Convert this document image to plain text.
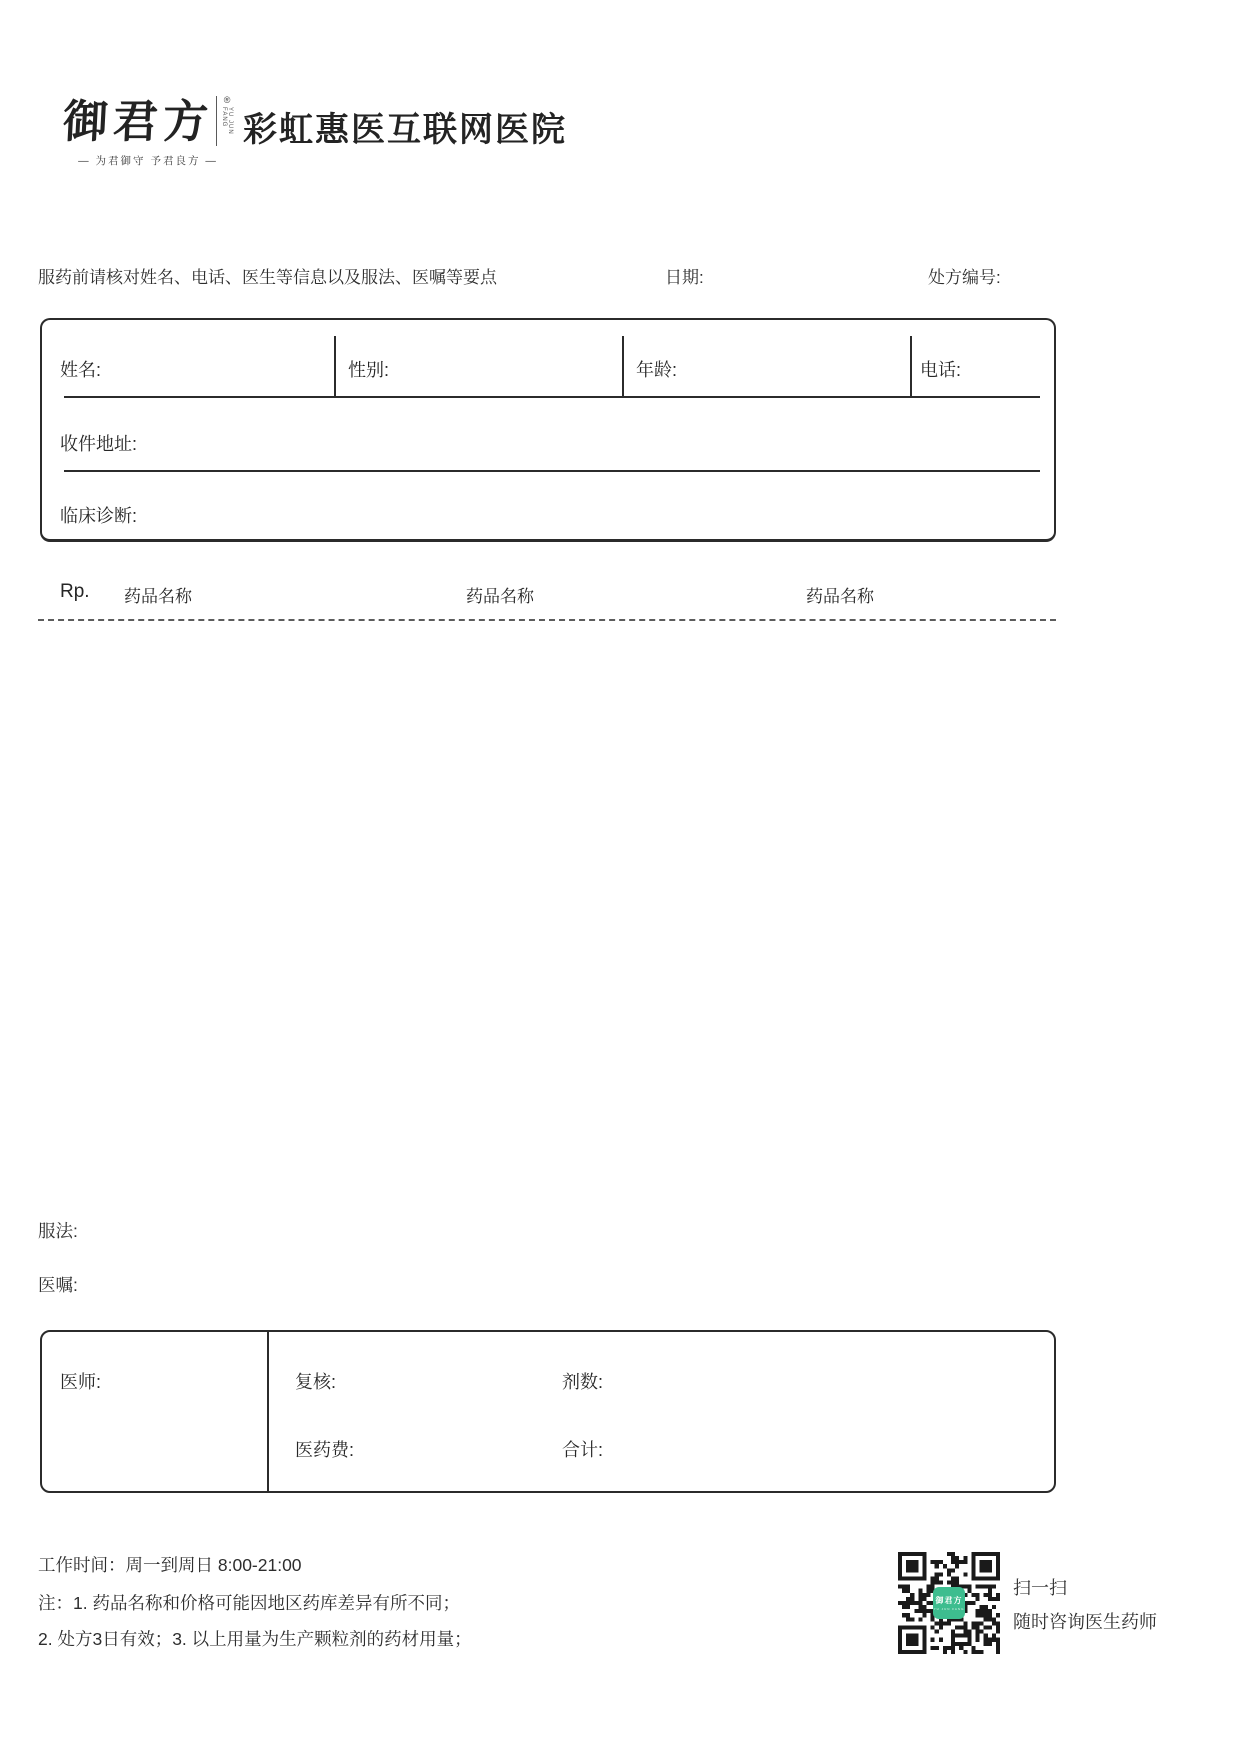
御君方 ®
YU JUN FANG
— 为君御守 予君良方 —
彩虹惠医互联网医院
服药前请核对姓名、电话、医生等信息以及服法、医嘱等要点	日期:	处方编号:
姓名:	性别:	年龄:	电话:
收件地址:
临床诊断:
Rp. 药品名称	药品名称	药品名称
服法:
医嘱:
医师:	复核:	剂数:
医药费:	合计:
工作时间：周一到周日 8:00-21:00
注：1. 药品名称和价格可能因地区药库差异有所不同；
2. 处方3日有效；3. 以上用量为生产颗粒剂的药材用量；
御君方
YU JUN FANG
扫一扫
随时咨询医生药师
